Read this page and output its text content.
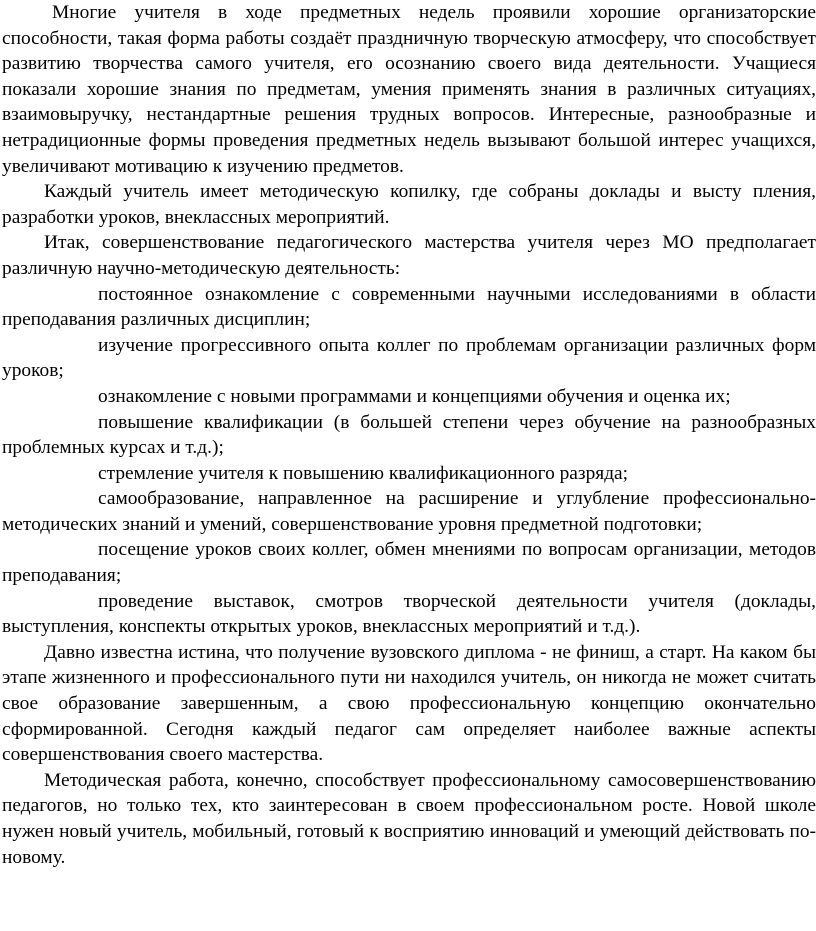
Многие учителя в ходе предметных недель проявили хорошие организаторские способности, такая форма работы создаёт праздничную творческую атмосферу, что способствует развитию творчества самого учителя, его осознанию своего вида деятельности. Учащиеся показали хорошие знания по предметам, умения применять знания в различных ситуациях, взаимовыручку, нестандартные решения трудных вопросов. Интересные, разнообразные и нетрадиционные формы проведения предметных недель вызывают большой интерес учащихся, увеличивают мотивацию к изучению предметов.

Каждый учитель имеет методическую копилку, где собраны доклады и высту пления, разработки уроков, внеклассных мероприятий.

Итак, совершенствование педагогического мастерства учителя через МО предполагает различную научно-методическую деятельность:

постоянное ознакомление с современными научными исследованиями в области преподавания различных дисциплин;

изучение прогрессивного опыта коллег по проблемам организации различных форм уроков;

ознакомление с новыми программами и концепциями обучения и оценка их;

повышение квалификации (в большей степени через обучение на разнообразных проблемных курсах и т.д.);

стремление учителя к повышению квалификационного разряда;

самообразование, направленное на расширение и углубление профессионально-методических знаний и умений, совершенствование уровня предметной подготовки;

посещение уроков своих коллег, обмен мнениями по вопросам организации, методов преподавания;

проведение выставок, смотров творческой деятельности учителя (доклады, выступления, конспекты открытых уроков, внеклассных мероприятий и т.д.).

Давно известна истина, что получение вузовского диплома - не финиш, а старт. На каком бы этапе жизненного и профессионального пути ни находился учитель, он никогда не может считать свое образование завершенным, а свою профессиональную концепцию окончательно сформированной. Сегодня каждый педагог сам определяет наиболее важные аспекты совершенствования своего мастерства.

Методическая работа, конечно, способствует профессиональному самосовершенствованию педагогов, но только тех, кто заинтересован в своем профессиональном росте. Новой школе нужен новый учитель, мобильный, готовый к восприятию инноваций и умеющий действовать по-новому.
